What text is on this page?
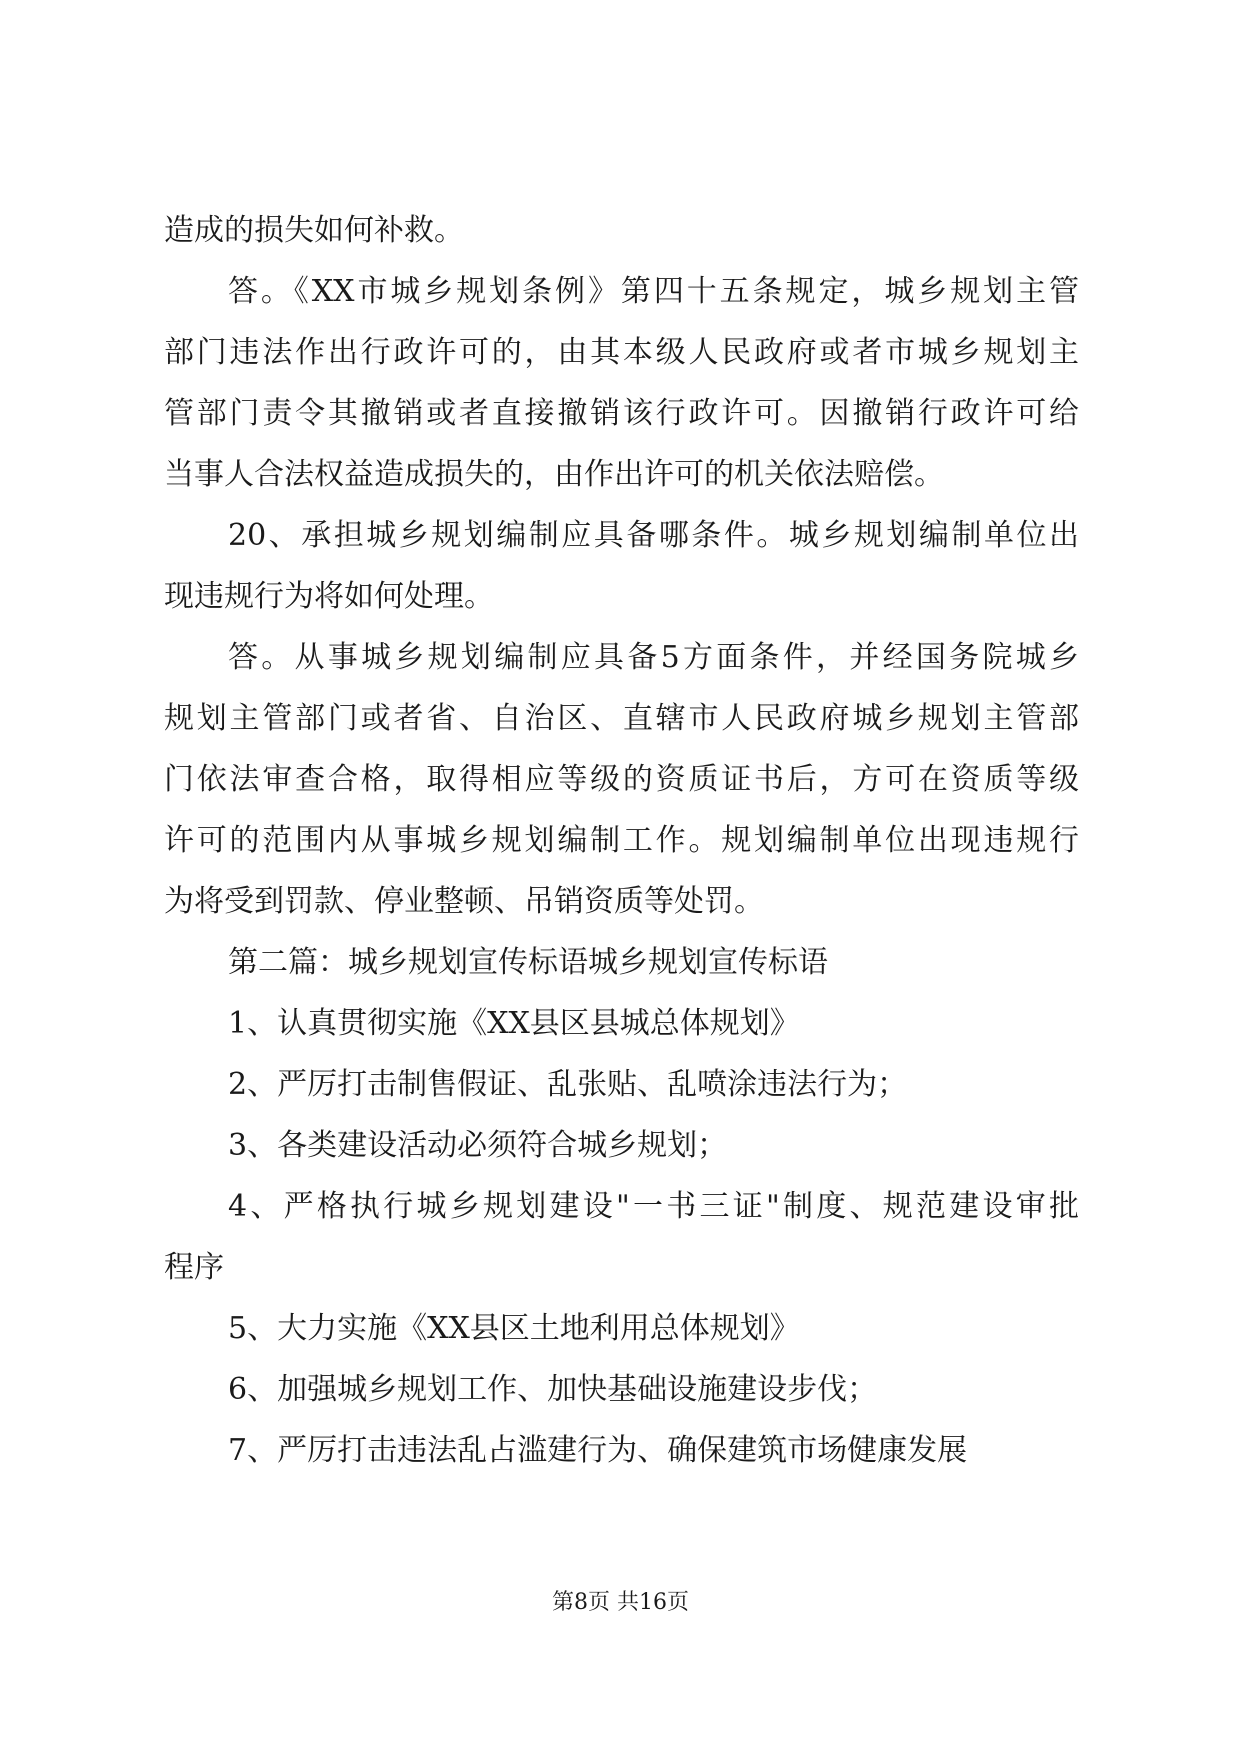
造成的损失如何补救。
答。《XX市城乡规划条例》第四十五条规定，城乡规划主管
部门违法作出行政许可的，由其本级人民政府或者市城乡规划主
管部门责令其撤销或者直接撤销该行政许可。因撤销行政许可给
当事人合法权益造成损失的，由作出许可的机关依法赔偿。
20、承担城乡规划编制应具备哪条件。城乡规划编制单位出
现违规行为将如何处理。
答。从事城乡规划编制应具备5方面条件，并经国务院城乡
规划主管部门或者省、自治区、直辖市人民政府城乡规划主管部
门依法审查合格，取得相应等级的资质证书后，方可在资质等级
许可的范围内从事城乡规划编制工作。规划编制单位出现违规行
为将受到罚款、停业整顿、吊销资质等处罚。
第二篇：城乡规划宣传标语城乡规划宣传标语
1、认真贯彻实施《XX县区县城总体规划》
2、严厉打击制售假证、乱张贴、乱喷涂违法行为；
3、各类建设活动必须符合城乡规划；
4、严格执行城乡规划建设"一书三证"制度、规范建设审批
程序
5、大力实施《XX县区土地利用总体规划》
6、加强城乡规划工作、加快基础设施建设步伐；
7、严厉打击违法乱占滥建行为、确保建筑市场健康发展
第8页 共16页
